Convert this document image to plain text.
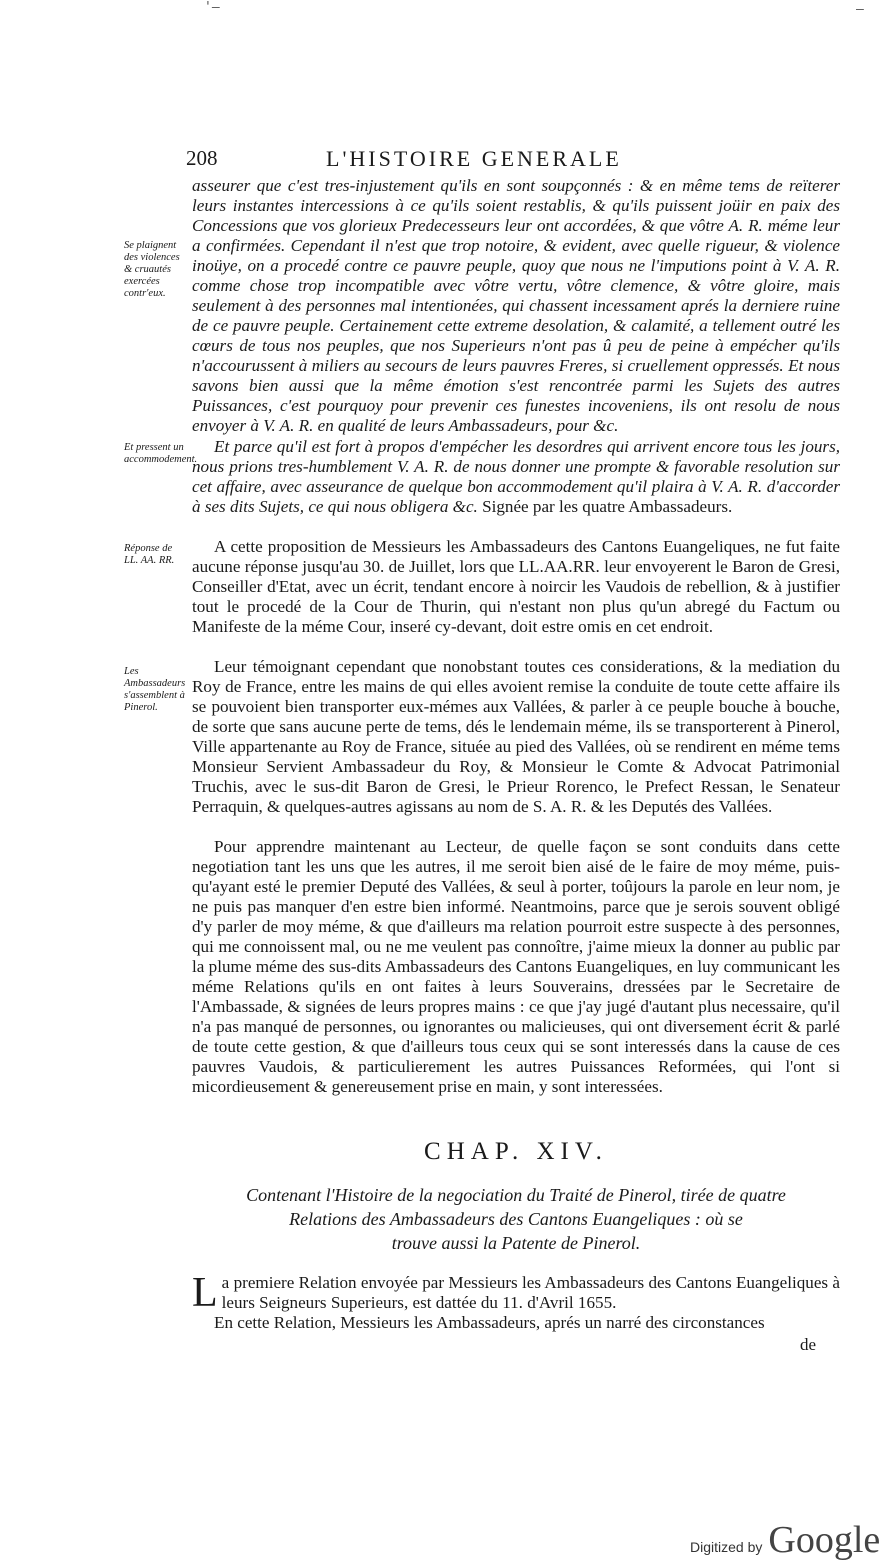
'—	—
208	L'HISTOIRE GENERALE
Se plaignent des violences & cruautés exercées contr'eux.
Et pressent un accommodement.
Réponse de LL. AA. RR.
Les Ambassadeurs s'assemblent à Pinerol.

asseurer que c'est tres-injustement qu'ils en sont soupçonnés : & en même tems de reïterer leurs instantes intercessions à ce qu'ils soient restablis, & qu'ils puissent joüir en paix des Concessions que vos glorieux Predecesseurs leur ont accordées, & que vôtre A. R. méme leur a confirmées. Cependant il n'est que trop notoire, & evident, avec quelle rigueur, & violence inoüye, on a procedé contre ce pauvre peuple, quoy que nous ne l'imputions point à V. A. R. comme chose trop incompatible avec vôtre vertu, vôtre clemence, & vôtre gloire, mais seulement à des personnes mal intentionées, qui chassent incessament aprés la derniere ruine de ce pauvre peuple. Certainement cette extreme desolation, & calamité, a tellement outré les cœurs de tous nos peuples, que nos Superieurs n'ont pas û peu de peine à empécher qu'ils n'accourussent à miliers au secours de leurs pauvres Freres, si cruellement oppressés. Et nous savons bien aussi que la même émotion s'est rencontrée parmi les Sujets des autres Puissances, c'est pourquoy pour prevenir ces funestes incoveniens, ils ont resolu de nous envoyer à V. A. R. en qualité de leurs Ambassadeurs, pour &c.

Et parce qu'il est fort à propos d'empécher les desordres qui arrivent encore tous les jours, nous prions tres-humblement V. A. R. de nous donner une prompte & favorable resolution sur cet affaire, avec asseurance de quelque bon accommodement qu'il plaira à V. A. R. d'accorder à ses dits Sujets, ce qui nous obligera &c. Signée par les quatre Ambassadeurs.

A cette proposition de Messieurs les Ambassadeurs des Cantons Euangeliques, ne fut faite aucune réponse jusqu'au 30. de Juillet, lors que LL.AA.RR. leur envoyerent le Baron de Gresi, Conseiller d'Etat, avec un écrit, tendant encore à noircir les Vaudois de rebellion, & à justifier tout le procedé de la Cour de Thurin, qui n'estant non plus qu'un abregé du Factum ou Manifeste de la méme Cour, inseré cy-devant, doit estre omis en cet endroit.

Leur témoignant cependant que nonobstant toutes ces considerations, & la mediation du Roy de France, entre les mains de qui elles avoient remise la conduite de toute cette affaire ils se pouvoient bien transporter eux-mémes aux Vallées, & parler à ce peuple bouche à bouche, de sorte que sans aucune perte de tems, dés le lendemain méme, ils se transporterent à Pinerol, Ville appartenante au Roy de France, située au pied des Vallées, où se rendirent en méme tems Monsieur Servient Ambassadeur du Roy, & Monsieur le Comte & Advocat Patrimonial Truchis, avec le sus-dit Baron de Gresi, le Prieur Rorenco, le Prefect Ressan, le Senateur Perraquin, & quelques-autres agissans au nom de S. A. R. & les Deputés des Vallées.

Pour apprendre maintenant au Lecteur, de quelle façon se sont conduits dans cette negotiation tant les uns que les autres, il me seroit bien aisé de le faire de moy méme, puis-qu'ayant esté le premier Deputé des Vallées, & seul à porter, toûjours la parole en leur nom, je ne puis pas manquer d'en estre bien informé. Neantmoins, parce que je serois souvent obligé d'y parler de moy méme, & que d'ailleurs ma relation pourroit estre suspecte à des personnes, qui me connoissent mal, ou ne me veulent pas connoître, j'aime mieux la donner au public par la plume méme des sus-dits Ambassadeurs des Cantons Euangeliques, en luy communicant les méme Relations qu'ils en ont faites à leurs Souverains, dressées par le Secretaire de l'Ambassade, & signées de leurs propres mains : ce que j'ay jugé d'autant plus necessaire, qu'il n'a pas manqué de personnes, ou ignorantes ou malicieuses, qui ont diversement écrit & parlé de toute cette gestion, & que d'ailleurs tous ceux qui se sont interessés dans la cause de ces pauvres Vaudois, & particulierement les autres Puissances Reformées, qui l'ont si micordieusement & genereusement prise en main, y sont interessées.

CHAP. XIV.
Contenant l'Histoire de la negociation du Traité de Pinerol, tirée de quatre
Relations des Ambassadeurs des Cantons Euangeliques : où se
trouve aussi la Patente de Pinerol.

L a premiere Relation envoyée par Messieurs les Ambassadeurs des Cantons Euangeliques à leurs Seigneurs Superieurs, est dattée du 11. d'Avril 1655.

En cette Relation, Messieurs les Ambassadeurs, aprés un narré des circonstances

de
Digitized by Google
